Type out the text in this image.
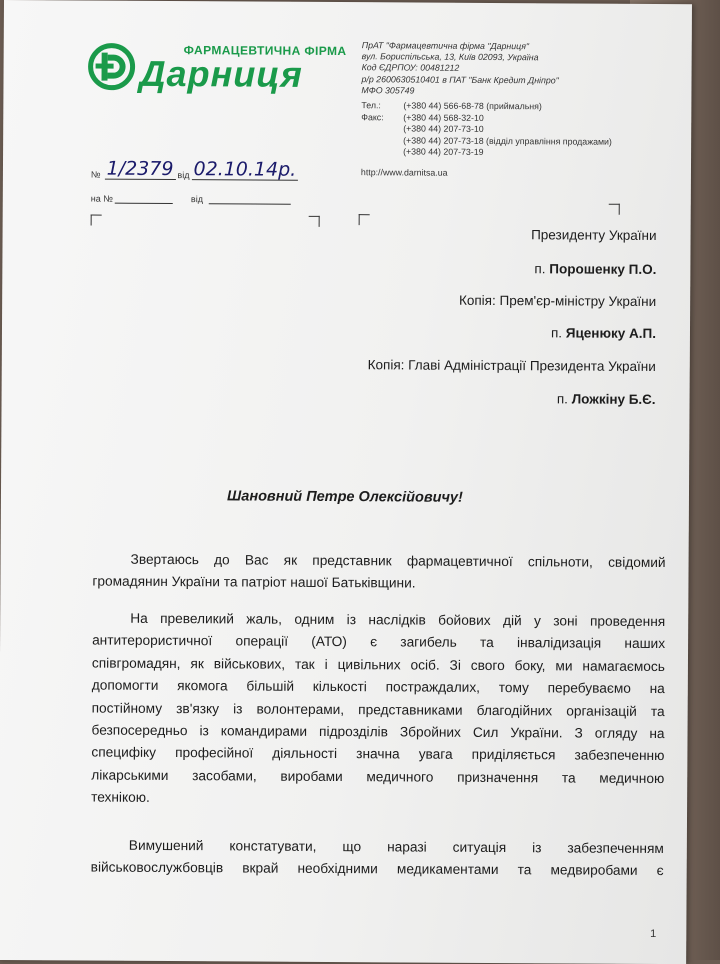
ФАРМАЦЕВТИЧНА ФІРМА
Дарниця
ПрАТ "Фармацевтична фірма "Дарниця"
вул. Бориспільська, 13, Київ 02093, Україна
Код ЄДРПОУ: 00481212
р/р 2600630510401 в ПАТ "Банк Кредит Дніпро"
МФО 305749
Тел.:	(+380 44) 566-68-78 (приймальня)
Факс:	(+380 44) 568-32-10
(+380 44) 207-73-10
(+380 44) 207-73-18 (відділ управління продажами)
(+380 44) 207-73-19
http://www.darnitsa.ua
№ 1/2379 від 02.10.14р.
на №	від
Президенту України
п. Порошенку П.О.
Копія: Прем'єр-міністру України
п. Яценюку А.П.
Копія: Главі Адміністрації Президента України
п. Ложкіну Б.Є.
Шановний Петре Олексійовичу!
Звертаюсь до Вас як представник фармацевтичної спільноти, свідомий
громадянин України та патріот нашої Батьківщини.
На превеликий жаль, одним із наслідків бойових дій у зоні проведення
антитерористичної операції (АТО) є загибель та інвалідизація наших
співгромадян, як військових, так і цивільних осіб. Зі свого боку, ми намагаємось
допомогти якомога більшій кількості постраждалих, тому перебуваємо на
постійному зв'язку із волонтерами, представниками благодійних організацій та
безпосередньо із командирами підрозділів Збройних Сил України. З огляду на
специфіку професійної діяльності значна увага приділяється забезпеченню
лікарськими засобами, виробами медичного призначення та медичною
технікою.
Вимушений констатувати, що наразі ситуація із забезпеченням
військовослужбовців вкрай необхідними медикаментами та медвиробами є
1
